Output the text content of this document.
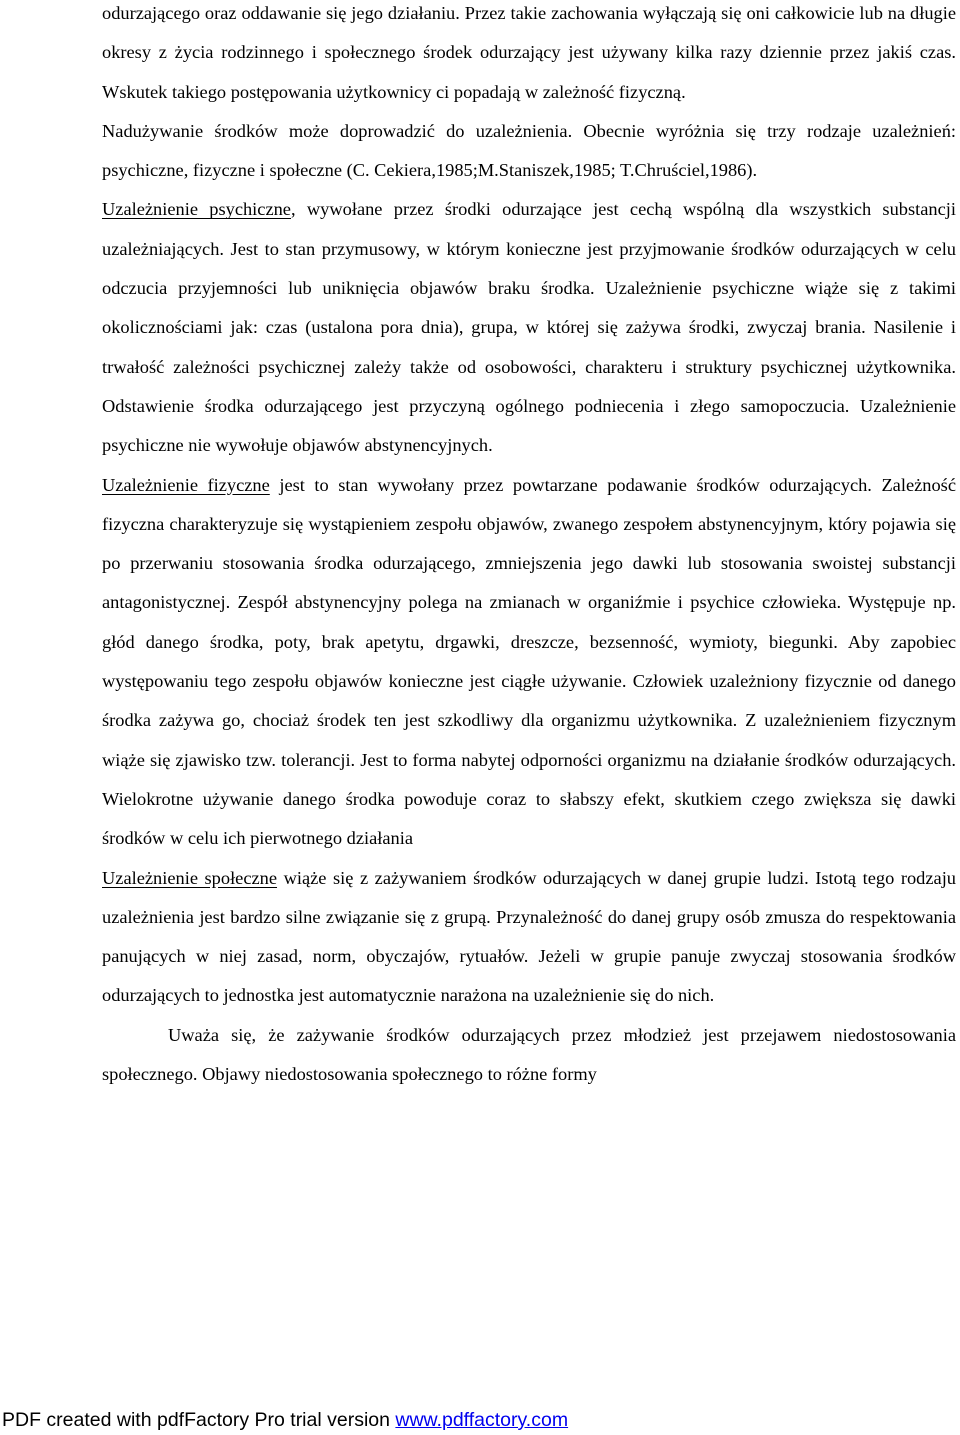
odurzającego oraz oddawanie się jego działaniu. Przez takie zachowania wyłączają się oni całkowicie lub na długie okresy z życia rodzinnego i społecznego środek odurzający jest używany kilka razy dziennie przez jakiś czas. Wskutek takiego postępowania użytkownicy ci popadają w zależność fizyczną.

Nadużywanie środków może doprowadzić do uzależnienia. Obecnie wyróżnia się trzy rodzaje uzależnień: psychiczne, fizyczne i społeczne (C. Cekiera,1985;M.Staniszek,1985; T.Chruściel,1986).

Uzależnienie psychiczne, wywołane przez środki odurzające jest cechą wspólną dla wszystkich substancji uzależniających. Jest to stan przymusowy, w którym konieczne jest przyjmowanie środków odurzających w celu odczucia przyjemności lub uniknięcia objawów braku środka. Uzależnienie psychiczne wiąże się z takimi okolicznościami jak: czas (ustalona pora dnia), grupa, w której się zażywa środki, zwyczaj brania. Nasilenie i trwałość zależności psychicznej zależy także od osobowości, charakteru i struktury psychicznej użytkownika. Odstawienie środka odurzającego jest przyczyną ogólnego podniecenia i złego samopoczucia. Uzależnienie psychiczne nie wywołuje objawów abstynencyjnych.

Uzależnienie fizyczne jest to stan wywołany przez powtarzane podawanie środków odurzających. Zależność fizyczna charakteryzuje się wystąpieniem zespołu objawów, zwanego zespołem abstynencyjnym, który pojawia się po przerwaniu stosowania środka odurzającego, zmniejszenia jego dawki lub stosowania swoistej substancji antagonistycznej. Zespół abstynencyjny polega na zmianach w organiźmie i psychice człowieka. Występuje np. głód danego środka, poty, brak apetytu, drgawki, dreszcze, bezsenność, wymioty, biegunki. Aby zapobiec występowaniu tego zespołu objawów konieczne jest ciągłe używanie. Człowiek uzależniony fizycznie od danego środka zażywa go, chociaż środek ten jest szkodliwy dla organizmu użytkownika. Z uzależnieniem fizycznym wiąże się zjawisko tzw. tolerancji. Jest to forma nabytej odporności organizmu na działanie środków odurzających. Wielokrotne używanie danego środka powoduje coraz to słabszy efekt, skutkiem czego zwiększa się dawki środków w celu ich pierwotnego działania

Uzależnienie społeczne wiąże się z zażywaniem środków odurzających w danej grupie ludzi. Istotą tego rodzaju uzależnienia jest bardzo silne związanie się z grupą. Przynależność do danej grupy osób zmusza do respektowania panujących w niej zasad, norm, obyczajów, rytuałów. Jeżeli w grupie panuje zwyczaj stosowania środków odurzających to jednostka jest automatycznie narażona na uzależnienie się do nich.

Uważa się, że zażywanie środków odurzających przez młodzież jest przejawem niedostosowania społecznego. Objawy niedostosowania społecznego to różne formy

PDF created with pdfFactory Pro trial version www.pdffactory.com
